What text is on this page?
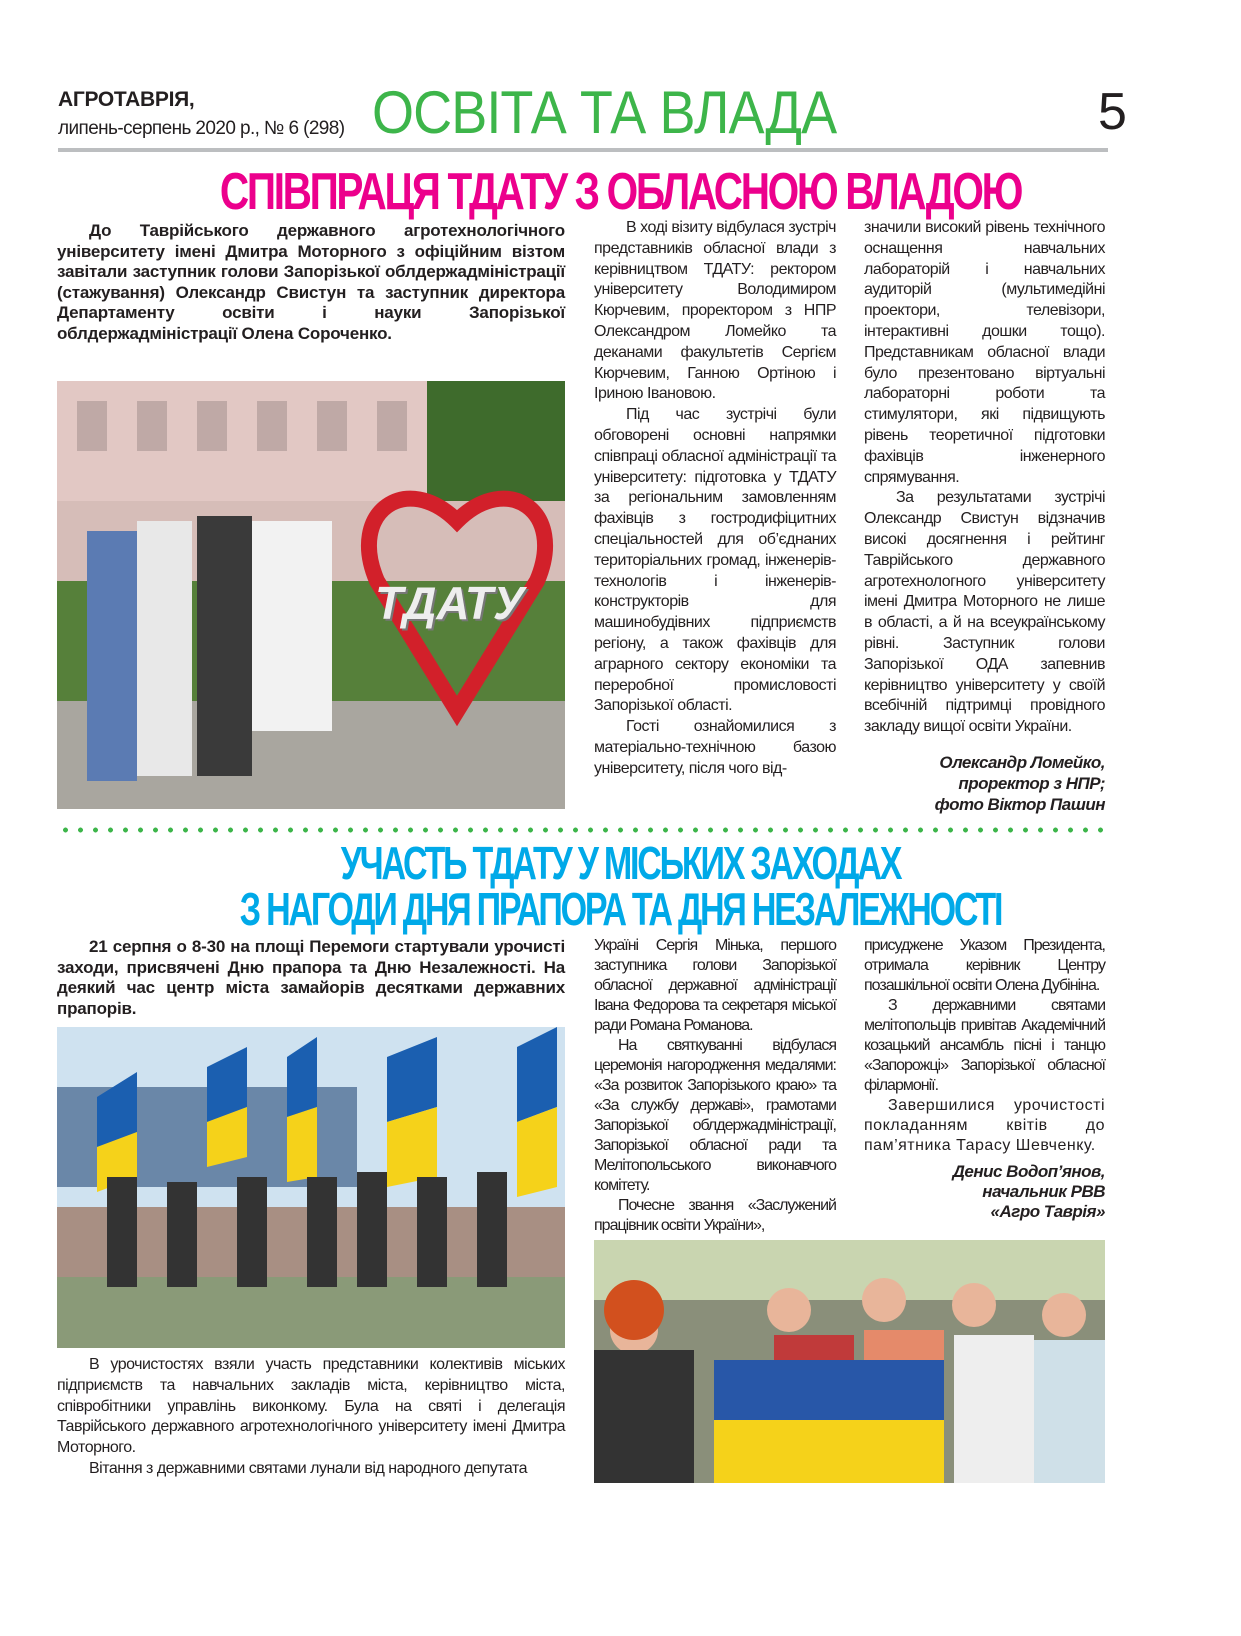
АГРОТАВРІЯ,
липень-серпень 2020 р., № 6 (298) ОСВІТА ТА ВЛАДА	5
СПІВПРАЦЯ ТДАТУ З ОБЛАСНОЮ ВЛАДОЮ

До Таврійського державного агротехнологічного університету імені Дмитра Моторного з офіційним візтом завітали заступник голови Запорізької облдержадміністрації (стажування) Олександр Свистун та заступник директора Департаменту освіти і науки Запорізької облдержадміністрації Олена Сороченко.

ТДАТУ

В ході візиту відбулася зустріч представників обласної влади з керівництвом ТДАТУ: ректором університету Володимиром Кюрчевим, проректором з НПР Олександром Ломейко та деканами факультетів Сергієм Кюрчевим, Ганною Ортіною і Іриною Івановою.

Під час зустрічі були обговорені основні напрямки співпраці обласної адміністрації та університету: підготовка у ТДАТУ за регіональним замовленням фахівців з гостродифіцитних спеціальностей для об’єднаних територіальних громад, інженерів-технологів і інженерів-конструкторів для машинобудівних підприємств регіону, а також фахівців для аграрного сектору економіки та переробної промисловості Запорізької області.

Гості ознайомилися з матеріально-технічною базою університету, після чого від-

значили високий рівень технічного оснащення навчальних лабораторій і навчальних аудиторій (мультимедійні проектори, телевізори, інтерактивні дошки тощо). Представникам обласної влади було презентовано віртуальні лабораторні роботи та стимулятори, які підвищують рівень теоретичної підготовки фахівців інженерного спрямування.

За результатами зустрічі Олександр Свистун відзначив високі досягнення і рейтинг Таврійського державного агротехнологного університету імені Дмитра Моторного не лише в області, а й на всеукраїнському рівні. Заступник голови Запорізької ОДА запевнив керівництво університету у своїй всебічній підтримці провідного закладу вищої освіти України.

Олександр Ломейко,
проректор з НПР;
фото Віктор Пашин
УЧАСТЬ ТДАТУ У МІСЬКИХ ЗАХОДАХ
З НАГОДИ ДНЯ ПРАПОРА ТА ДНЯ НЕЗАЛЕЖНОСТІ

21 серпня о 8-30 на площі Перемоги стартували урочисті заходи, присвячені Дню прапора та Дню Незалежності. На деякий час центр міста замайорів десятками державних прапорів.

В урочистостях взяли участь представники колективів міських підприємств та навчальних закладів міста, керівництво міста, співробітники управлінь виконкому. Була на святі і делегація Таврійського державного агротехнологічного університету імені Дмитра Моторного.

Вітання з державними святами лунали від народного депутата

Україні Сергія Мінька, першого заступника голови Запорізької обласної державної адміністрації Івана Федорова та секретаря міської ради Романа Романова.

На святкуванні відбулася церемонія нагородження медалями: «За розвиток Запорізького краю» та «За службу державі», грамотами Запорізької облдержадміністрації, Запорізької обласної ради та Мелітопольського виконавчого комітету.

Почесне звання «Заслужений працівник освіти України»,

присуджене Указом Президента, отримала керівник Центру позашкільної освіти Олена Дубініна.

З державними святами мелітопольців привітав Академічний козацький ансамбль пісні і танцю «Запорожці» Запорізької обласної філармонії.

Завершилися урочистості покладанням квітів до пам’ятника Тарасу Шевченку.

Денис Водоп’янов,
начальник РВВ
«Агро Таврія»
